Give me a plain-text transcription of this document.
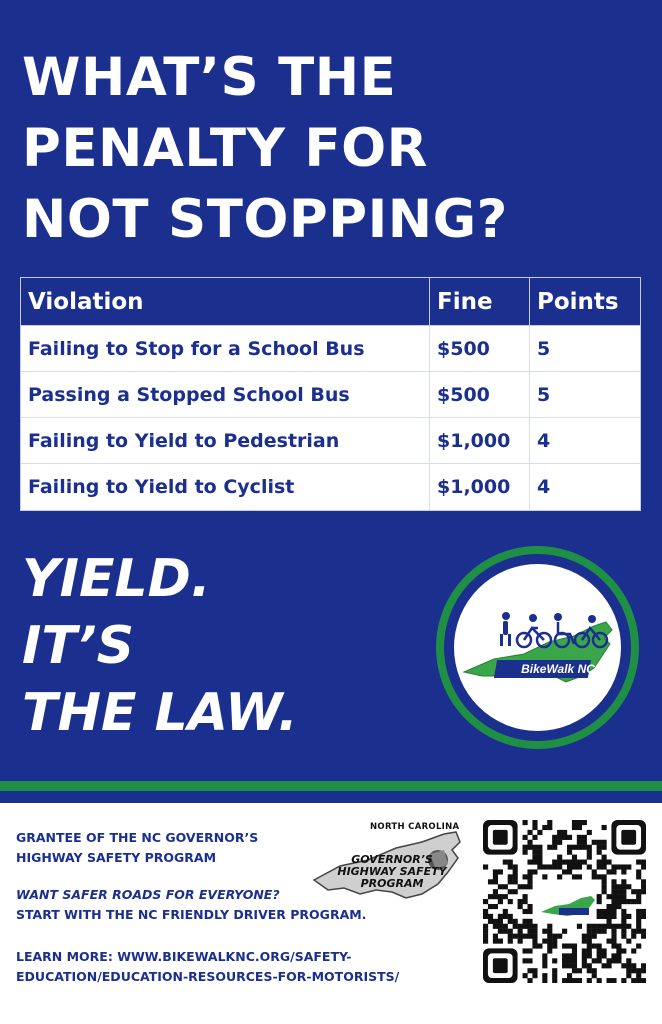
WHAT’S THE
PENALTY FOR
NOT STOPPING?
Violation	Fine	Points
Failing to Stop for a School Bus	$500	5
Passing a Stopped School Bus	$500	5
Failing to Yield to Pedestrian	$1,000	4
Failing to Yield to Cyclist	$1,000	4
YIELD.
IT’S
THE LAW.
BikeWalk NC
GRANTEE OF THE NC GOVERNOR’S
HIGHWAY SAFETY PROGRAM
WANT SAFER ROADS FOR EVERYONE?
START WITH THE NC FRIENDLY DRIVER PROGRAM.
LEARN MORE: WWW.BIKEWALKNC.ORG/SAFETY-
EDUCATION/EDUCATION-RESOURCES-FOR-MOTORISTS/
NORTH CAROLINA
GOVERNOR’S
HIGHWAY SAFETY
PROGRAM
